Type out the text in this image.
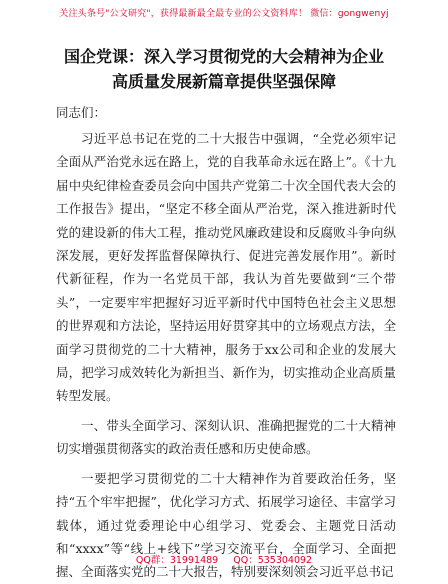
关注头条号"公文研究"，获得最新最全最专业的公文资料库！ 微信：gongwenyj
国企党课：深入学习贯彻党的大会精神为企业
高质量发展新篇章提供坚强保障
同志们：

习近平总书记在党的二十大报告中强调，“全党必须牢记全面从严治党永远在路上，党的自我革命永远在路上”。《十九届中央纪律检查委员会向中国共产党第二十次全国代表大会的工作报告》提出，“坚定不移全面从严治党，深入推进新时代党的建设新的伟大工程，推动党风廉政建设和反腐败斗争向纵深发展，更好发挥监督保障执行、促进完善发展作用”。新时代新征程，作为一名党员干部，我认为首先要做到“三个带头”，一定要牢牢把握好习近平新时代中国特色社会主义思想的世界观和方法论，坚持运用好贯穿其中的立场观点方法，全面学习贯彻党的二十大精神，服务于xx公司和企业的发展大局，把学习成效转化为新担当、新作为，切实推动企业高质量转型发展。

一、带头全面学习、深刻认识、准确把握党的二十大精神切实增强贯彻落实的政治责任感和历史使命感。

一要把学习贯彻党的二十大精神作为首要政治任务，坚持“五个牢牢把握”，优化学习方式、拓展学习途径、丰富学习载体，通过党委理论中心组学习、党委会、主题党日活动和“xxxx”等“线上+线下”学习交流平台，全面学习、全面把握、全面落实党的二十大报告，特别要深刻领会习近平总书记

QQ群：31991489 QQ：535304092
